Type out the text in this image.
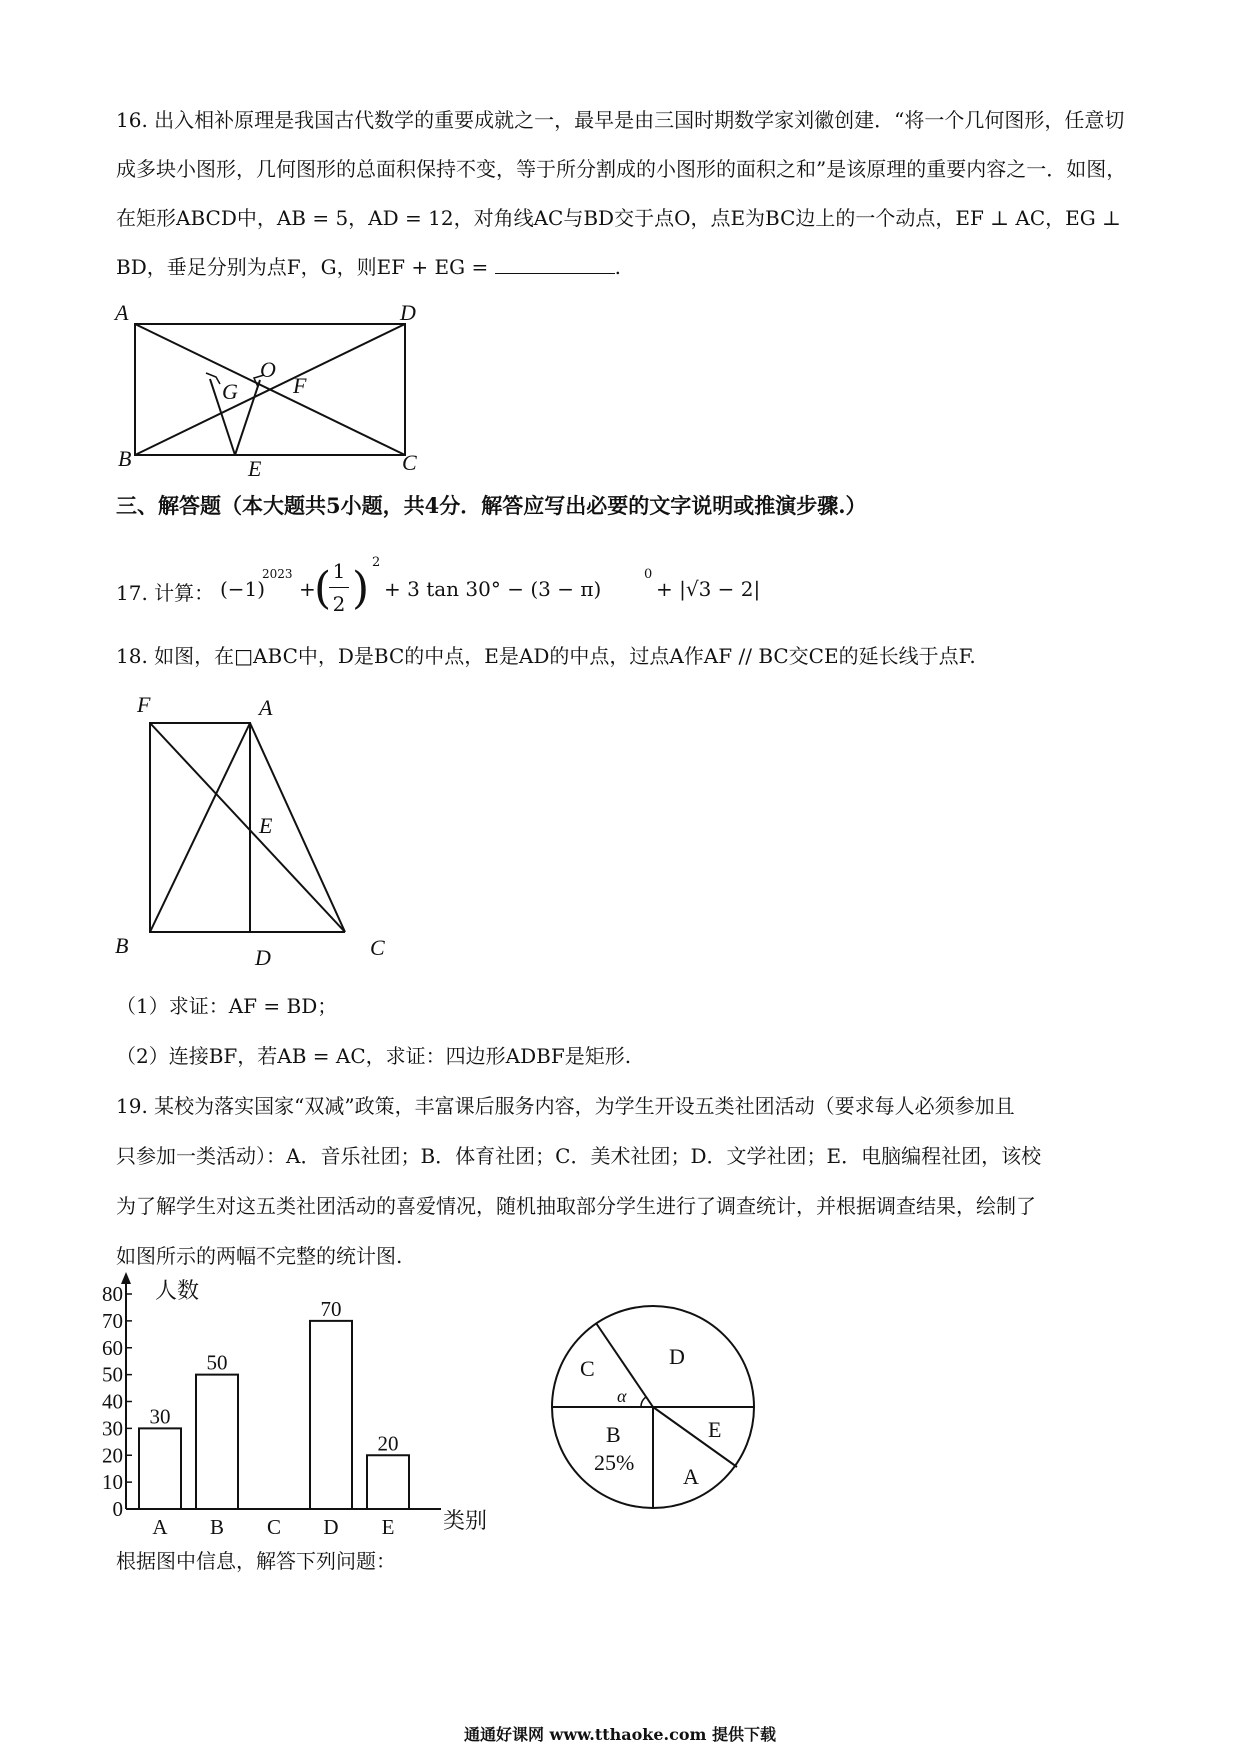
16. 出入相补原理是我国古代数学的重要成就之一，最早是由三国时期数学家刘徽创建．“将一个几何图形，任意切成多块小图形，几何图形的总面积保持不变，等于所分割成的小图形的面积之和”是该原理的重要内容之一．如图，在矩形ABCD中，AB = 5，AD = 12，对角线AC与BD交于点O，点E为BC边上的一个动点，EF ⊥ AC，EG ⊥ BD，垂足分别为点F，G，则EF + EG =	.
A	D
O
G	F
B	E	C
三、解答题（本大题共5小题，共4分．解答应写出必要的文字说明或推演步骤.）
17. 计算： (−1)
2023
+
( 1
2 )
2
+ 3 tan 30° − (3 − π)
0
+ |√3 − 2|
18. 如图，在□ABC中，D是BC的中点，E是AD的中点，过点A作AF // BC交CE的延长线于点F.
F	A
E
B	D	C
（1）求证：AF = BD；
（2）连接BF，若AB = AC，求证：四边形ADBF是矩形.
19. 某校为落实国家“双减”政策，丰富课后服务内容，为学生开设五类社团活动（要求每人必须参加且
只参加一类活动）：A．音乐社团；B．体育社团；C．美术社团；D．文学社团；E．电脑编程社团，该校
为了解学生对这五类社团活动的喜爱情况，随机抽取部分学生进行了调查统计，并根据调查结果，绘制了
如图所示的两幅不完整的统计图.
人数
类别
0
10
20
30
40
50
60
70
80
30
A
50
B C
70
D
20
E
D
C
α
B
25%
E
A
根据图中信息，解答下列问题：
通通好课网 www.tthaoke.com 提供下载
